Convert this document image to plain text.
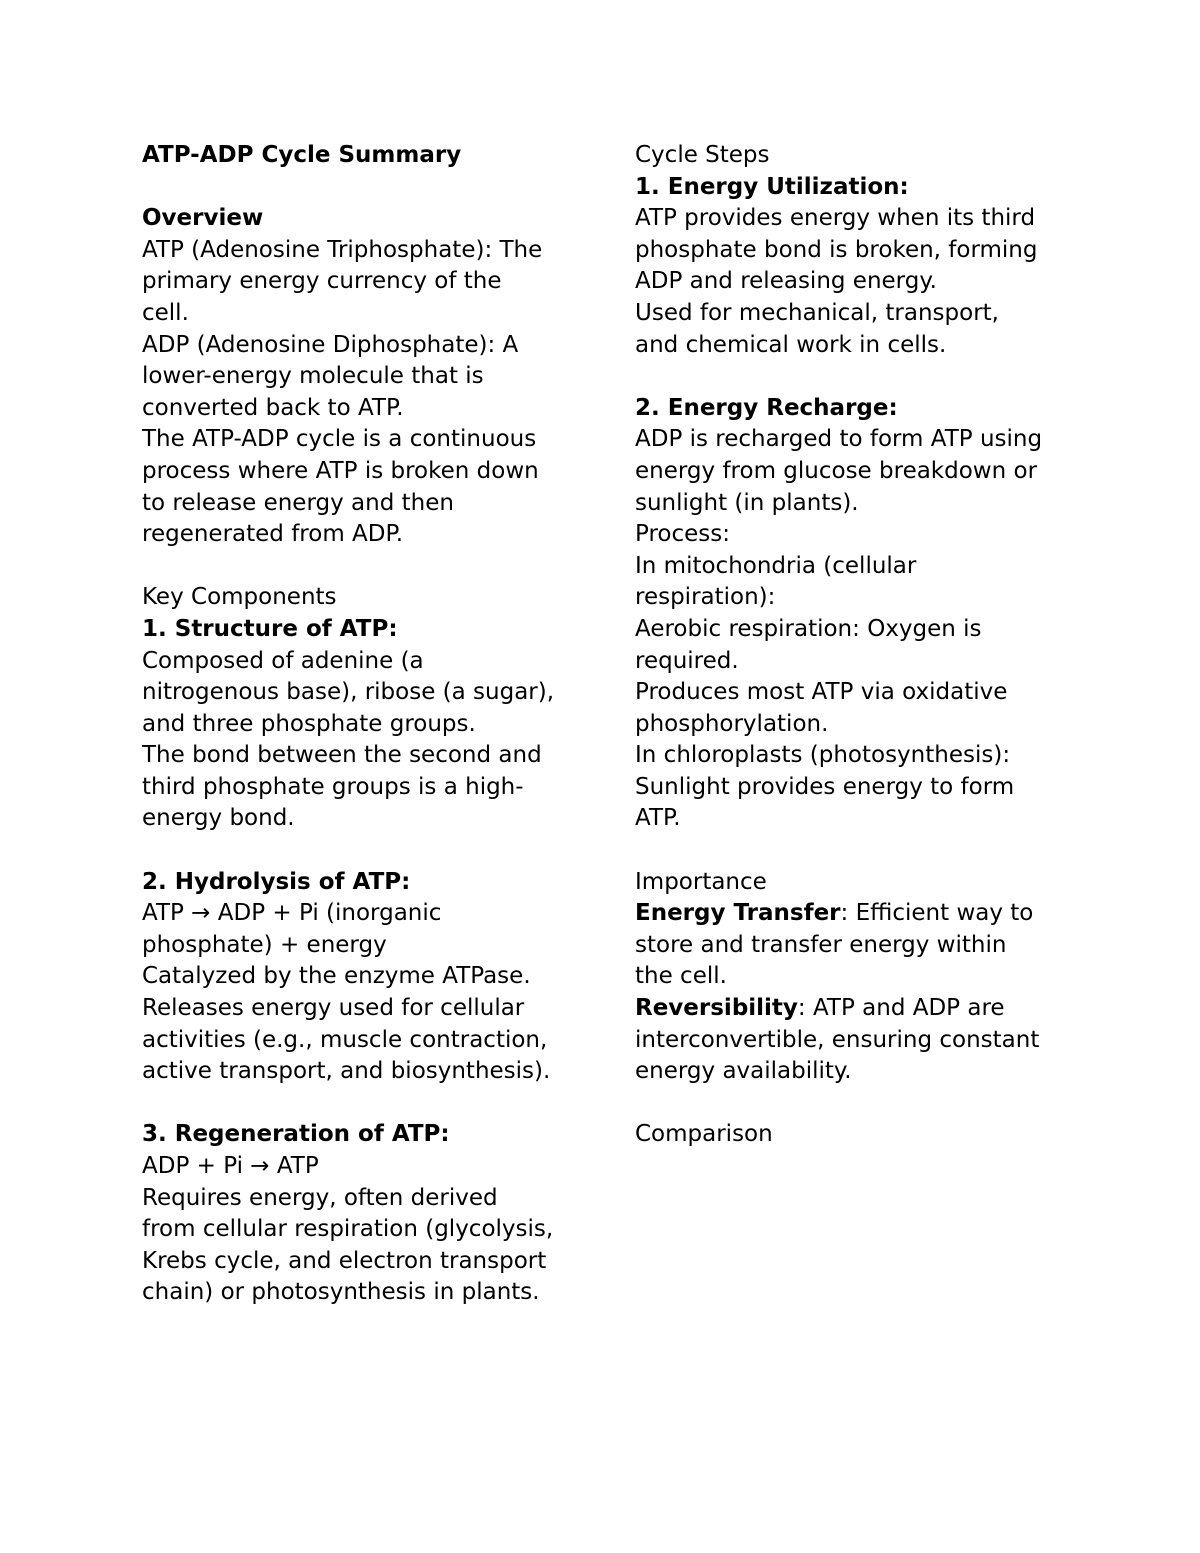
ATP-ADP Cycle Summary
Overview
ATP (Adenosine Triphosphate): The
primary energy currency of the
cell.
ADP (Adenosine Diphosphate): A
lower-energy molecule that is
converted back to ATP.
The ATP-ADP cycle is a continuous
process where ATP is broken down
to release energy and then
regenerated from ADP.
Key Components
1. Structure of ATP:
Composed of adenine (a
nitrogenous base), ribose (a sugar),
and three phosphate groups.
The bond between the second and
third phosphate groups is a high-
energy bond.
2. Hydrolysis of ATP:
ATP → ADP + Pi (inorganic
phosphate) + energy
Catalyzed by the enzyme ATPase.
Releases energy used for cellular
activities (e.g., muscle contraction,
active transport, and biosynthesis).
3. Regeneration of ATP:
ADP + Pi → ATP
Requires energy, often derived
from cellular respiration (glycolysis,
Krebs cycle, and electron transport
chain) or photosynthesis in plants.
Cycle Steps
1. Energy Utilization:
ATP provides energy when its third
phosphate bond is broken, forming
ADP and releasing energy.
Used for mechanical, transport,
and chemical work in cells.
2. Energy Recharge:
ADP is recharged to form ATP using
energy from glucose breakdown or
sunlight (in plants).
Process:
In mitochondria (cellular
respiration):
Aerobic respiration: Oxygen is
required.
Produces most ATP via oxidative
phosphorylation.
In chloroplasts (photosynthesis):
Sunlight provides energy to form
ATP.
Importance
Energy Transfer: Efficient way to
store and transfer energy within
the cell.
Reversibility: ATP and ADP are
interconvertible, ensuring constant
energy availability.
Comparison
